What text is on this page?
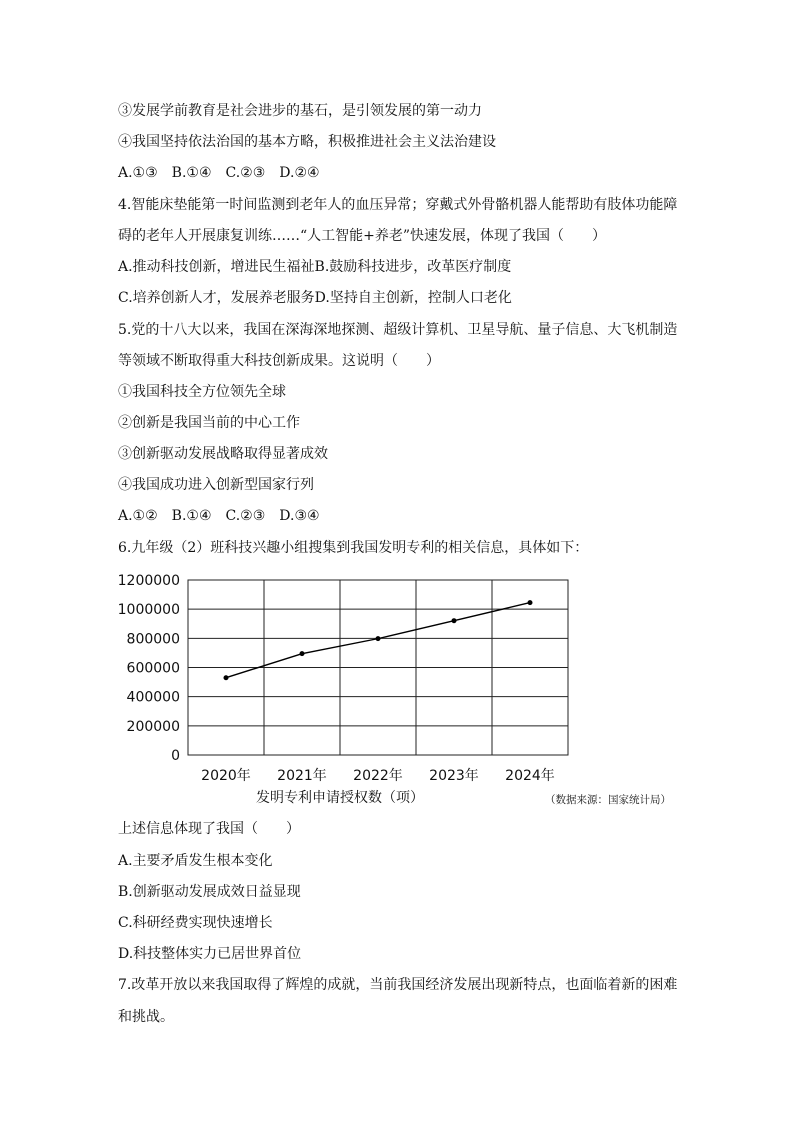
③发展学前教育是社会进步的基石，是引领发展的第一动力
④我国坚持依法治国的基本方略，积极推进社会主义法治建设
A.①③　B.①④　C.②③　D.②④
4.智能床垫能第一时间监测到老年人的血压异常；穿戴式外骨骼机器人能帮助有肢体功能障
碍的老年人开展康复训练……“人工智能+养老”快速发展，体现了我国（　　）
A.推动科技创新，增进民生福祉B.鼓励科技进步，改革医疗制度
C.培养创新人才，发展养老服务D.坚持自主创新，控制人口老化
5.党的十八大以来，我国在深海深地探测、超级计算机、卫星导航、量子信息、大飞机制造
等领域不断取得重大科技创新成果。这说明（　　）
①我国科技全方位领先全球
②创新是我国当前的中心工作
③创新驱动发展战略取得显著成效
④我国成功进入创新型国家行列
A.①②　B.①④　C.②③　D.③④
6.九年级（2）班科技兴趣小组搜集到我国发明专利的相关信息，具体如下：
1200000
1000000
800000
600000
400000
200000
0
2020年 2021年 2022年 2023年 2024年
发明专利申请授权数（项）	（数据来源：国家统计局）
上述信息体现了我国（　　）
A.主要矛盾发生根本变化
B.创新驱动发展成效日益显现
C.科研经费实现快速增长
D.科技整体实力已居世界首位
7.改革开放以来我国取得了辉煌的成就，当前我国经济发展出现新特点，也面临着新的困难
和挑战。
